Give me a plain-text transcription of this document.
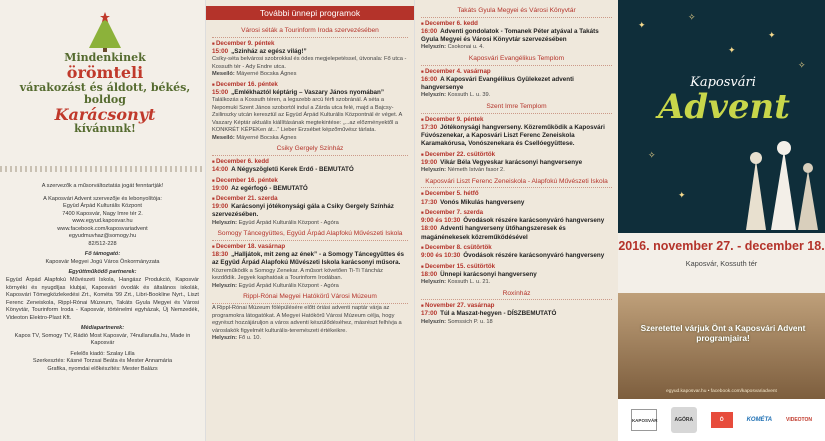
Mindenkinek
örömteli
várakozást és áldott, békés, boldog
Karácsonyt
kívánunk!
A szervezők a műsorváltoztatás jogát fenntartják!
A Kaposvári Advent szervezője és lebonyolítója:
Együd Árpád Kulturális Központ
7400 Kaposvár, Nagy Imre tér 2.
www.egyud.kaposvar.hu
www.facebook.com/kaposvariadvent
egyudmuvhaz@somogy.hu
82/512-228
Fő támogató:
Kaposvár Megyei Jogú Város Önkormányzata
Együttműködő partnerek:
Együd Árpád Alapfokú Művészeti Iskola, Hangász Produkció, Kaposvár környéki és nyugdíjas klubjai, Kaposvári óvodák és általános iskolák, Kaposvári Tömegközlekedési Zrt., Kométa '99 Zrt., Libri-Bookline Nyrt., Liszt Ferenc Zeneiskola, Rippl-Rónai Múzeum, Takáts Gyula Megyei és Városi Könyvtár, Tourinform Iroda - Kaposvár, történelmi egyházak, Új Nemzedék, Videoton Elektro-Plast Kft.
Médiapartnerek:
Kapos TV, Somogy TV, Rádió Most Kaposvár, 74nullanulla.hu, Made in Kaposvár
Felelős kiadó: Szalay Lilla
Szerkesztés: Kásné Torzsai Beáta és Mester Annamária
Grafika, nyomdai előkészítés: Mester Balázs
További ünnepi programok
Városi séták a Tourinform Iroda szervezésében
■ December 9. péntek
15:00 „Szinház az egész világ!”
Csíky-séta belvárosi szobrokkal és ódes megjelepetéssel, útvonala: Fő utca - Kossuth tér - Ady Endre utca.
Meseíló: Máyerné Bocska Ágnes
■ December 16. péntek
15:00 „Emlékhaztól képtárig – Vaszary János nyomában”
Találkozás a Kossuth téren, a legszebb arcú férfi szobránál. A séta a Nepomuki Szent János szobortól indul a Zárda utca felé, majd a Bajcsy-Zsilinszky utcán keresztül az Együd Árpád Kulturális Központnál ér véget. A Vaszary Képtár aktuális kiállításának megtekintése: „...az előzményektől a KONKRÉT KÉPEKen át...” Lieber Erzsébet képzőművész tárlata.
Meseíló: Máyerné Bocska Ágnes
Csiky Gergely Színház
■ December 6. kedd
14:00 A Négyszögletű Kerek Erdő - BEMUTATÓ
■ December 16. péntek
19:00 Az egérfogó - BEMUTATÓ
■ December 21. szerda
19:00 Karácsonyi jótékonysági gála a Csiky Gergely Színház szervezésében.
Helyszín: Együd Árpád Kulturális Központ - Agóra
Somogy Táncegyüttes, Együd Árpád Alapfokú Művészeti Iskola
■ December 18. vasárnap
18:30 „Halljátok, mit zeng az ének” - a Somogy Táncegyüttes és az Együd Árpád Alapfokú Művészeti Iskola karácsonyi műsora.
Közreműködik a Somogy Zenekar. A műsort követően Ti-Ti Táncház kezdődik. Jegyek kaphatóak a Tourinform Irodában.
Helyszín: Együd Árpád Kulturális Központ - Agóra
Rippl-Rónai Megyei Hatókörű Városi Múzeum
A Rippl-Rónai Múzeum fölépülésére előtt óriási adventi naptár várja az programokra látogatókat. A Megyei Hatókörű Városi Múzeum célja, hogy egyrészt hozzájáruljon a város adventi készülődéséhez, másrészt felhívja a városlakók figyelmét kulturális-teremészeti értékeikre.
Helyszín: Fő u. 10.
Takáts Gyula Megyei és Városi Könyvtár
■ December 6. kedd
16:00 Adventi gondolatok - Tomanek Péter atyával a Takáts Gyula Megyei és Városi Könyvtár szervezésében
Helyszín: Csokonai u. 4.
Kaposvári Evangélikus Templom
■ December 4. vasárnap
16:00 A Kaposvári Evangélikus Gyülekezet adventi hangversenye
Helyszín: Kossuth L. u. 39.
Szent Imre Templom
■ December 9. péntek
17:30 Jótékonysági hangverseny. Közreműködik a Kaposvári Fúvószenekar, a Kaposvári Liszt Ferenc Zeneiskola Karamakórusa, Vonószenekara és Csellóegyüttese.
■ December 22. csütörtök
19:00 Vikár Béla Vegyeskar karácsonyi hangversenye
Helyszín: Németh István fasor 2.
Kaposvári Liszt Ferenc Zeneiskola - Alapfokú Művészeti Iskola
■ December 5. hétfő
17:30 Vonós Mikulás hangverseny
■ December 7. szerda
9:00 és 10:30 Óvodások részére karácsonyváró hangverseny
18:00 Adventi hangverseny ütőhangszeresek és magánénekesek közreműködésével
■ December 8. csütörtök
9:00 és 10:30 Óvodások részére karácsonyváró hangverseny
■ December 15. csütörtök
18:00 Ünnepi karácsonyi hangverseny
Helyszín: Kossuth L. u. 21.
Roxínház
■ November 27. vasárnap
17:00 Túl a Maszat-hegyen - DÍSZBEMUTATÓ
Helyszín: Somssich P. u. 18
✦
✧
✦
✧
✧
✦
✦
Kaposvári
Advent
2016. november 27. - december 18.
Kaposvár, Kossuth tér
Szeretettel várjuk Önt a Kaposvári Advent programjaira!
egyud.kaposvar.hu • facebook.com/kaposvariadvent
KAPOSVÁR	AGÓRA	Ó	KOMÉTA	VIDEOTON
